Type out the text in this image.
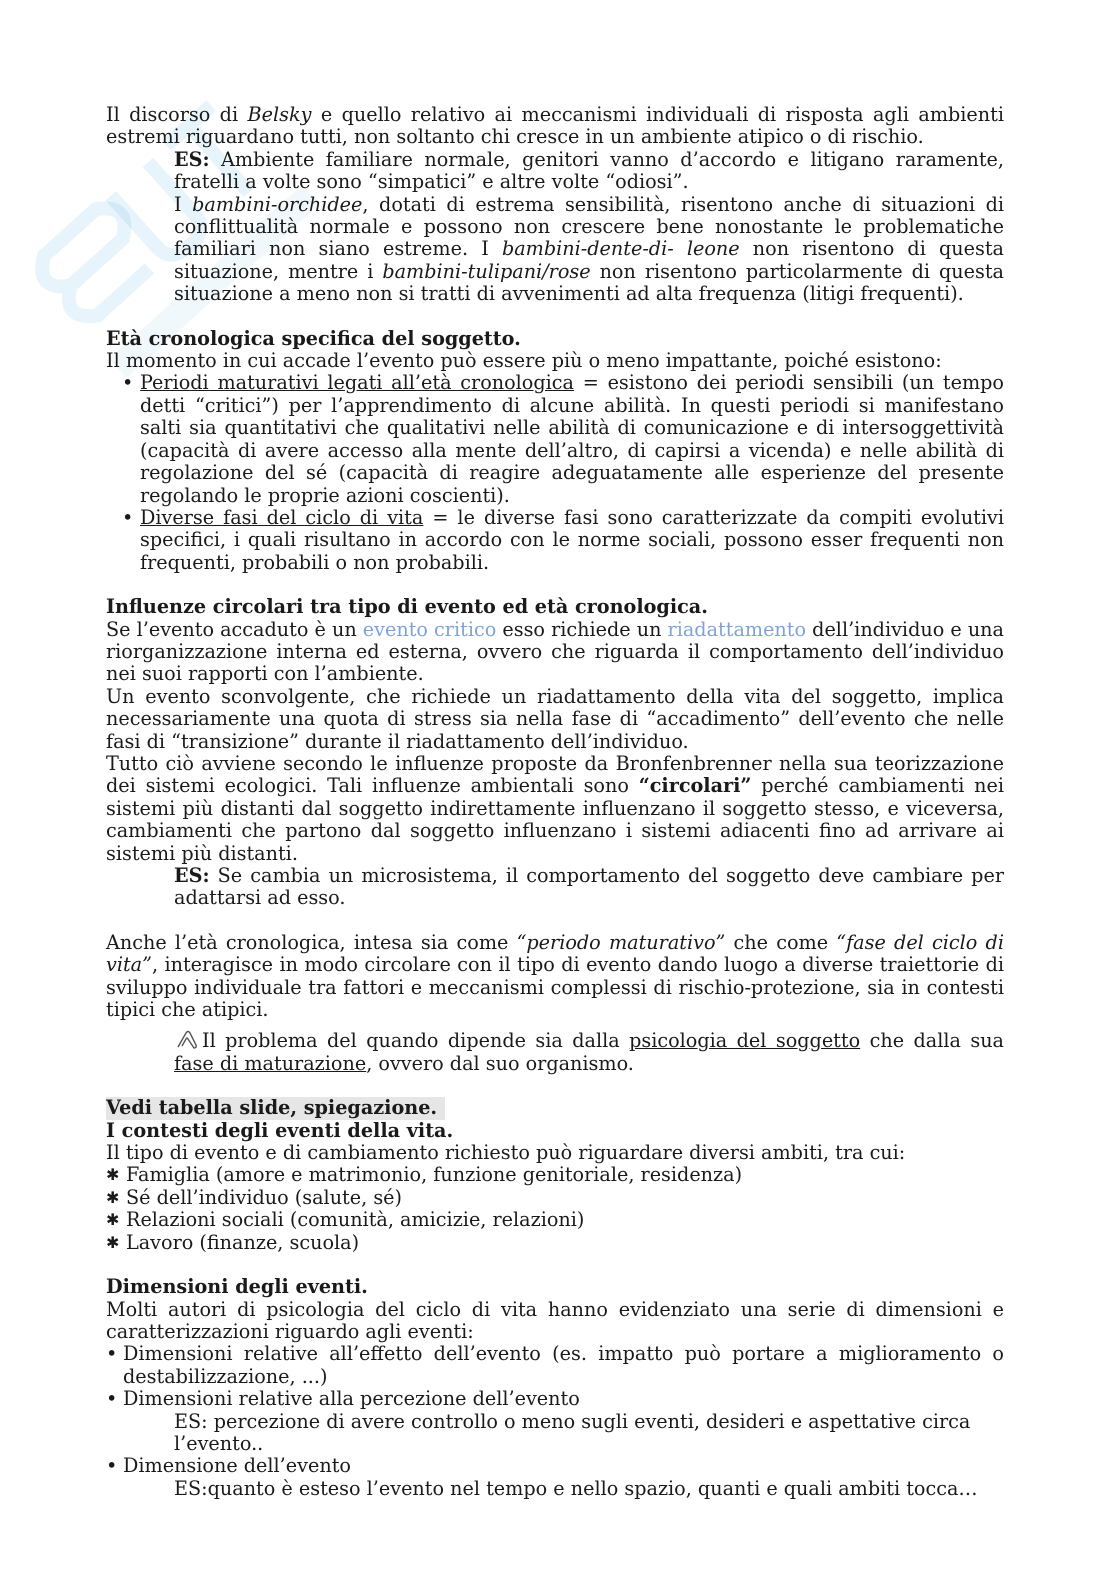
Il discorso di Belsky e quello relativo ai meccanismi individuali di risposta agli ambienti estremi riguardano tutti, non soltanto chi cresce in un ambiente atipico o di rischio.

ES: Ambiente familiare normale, genitori vanno d’accordo e litigano raramente, fratelli a volte sono “simpatici” e altre volte “odiosi”.

I bambini-orchidee, dotati di estrema sensibilità, risentono anche di situazioni di conflittualità normale e possono non crescere bene nonostante le problematiche familiari non siano estreme. I bambini-dente-di- leone non risentono di questa situazione, mentre i bambini-tulipani/rose non risentono particolarmente di questa situazione a meno non si tratti di avvenimenti ad alta frequenza (litigi frequenti).

Età cronologica specifica del soggetto.

Il momento in cui accade l’evento può essere più o meno impattante, poiché esistono:

• Periodi maturativi legati all’età cronologica = esistono dei periodi sensibili (un tempo detti “critici”) per l’apprendimento di alcune abilità. In questi periodi si manifestano salti sia quantitativi che qualitativi nelle abilità di comunicazione e di intersoggettività (capacità di avere accesso alla mente dell’altro, di capirsi a vicenda) e nelle abilità di regolazione del sé (capacità di reagire adeguatamente alle esperienze del presente regolando le proprie azioni coscienti).
• Diverse fasi del ciclo di vita = le diverse fasi sono caratterizzate da compiti evolutivi specifici, i quali risultano in accordo con le norme sociali, possono esser frequenti non frequenti, probabili o non probabili.
Influenze circolari tra tipo di evento ed età cronologica.

Se l’evento accaduto è un evento critico esso richiede un riadattamento dell’individuo e una riorganizzazione interna ed esterna, ovvero che riguarda il comportamento dell’individuo nei suoi rapporti con l’ambiente.

Un evento sconvolgente, che richiede un riadattamento della vita del soggetto, implica necessariamente una quota di stress sia nella fase di “accadimento” dell’evento che nelle fasi di “transizione” durante il riadattamento dell’individuo.

Tutto ciò avviene secondo le influenze proposte da Bronfenbrenner nella sua teorizzazione dei sistemi ecologici. Tali influenze ambientali sono “circolari” perché cambiamenti nei sistemi più distanti dal soggetto indirettamente influenzano il soggetto stesso, e viceversa, cambiamenti che partono dal soggetto influenzano i sistemi adiacenti fino ad arrivare ai sistemi più distanti.

ES: Se cambia un microsistema, il comportamento del soggetto deve cambiare per adattarsi ad esso.

Anche l’età cronologica, intesa sia come “periodo maturativo” che come “fase del ciclo di vita”, interagisce in modo circolare con il tipo di evento dando luogo a diverse traiettorie di sviluppo individuale tra fattori e meccanismi complessi di rischio-protezione, sia in contesti tipici che atipici.

Il problema del quando dipende sia dalla psicologia del soggetto che dalla sua fase di maturazione, ovvero dal suo organismo.

Vedi tabella slide, spiegazione.
I contesti degli eventi della vita.

Il tipo di evento e di cambiamento richiesto può riguardare diversi ambiti, tra cui:

✱ Famiglia (amore e matrimonio, funzione genitoriale, residenza)
✱ Sé dell’individuo (salute, sé)
✱ Relazioni sociali (comunità, amicizie, relazioni)
✱ Lavoro (finanze, scuola)
Dimensioni degli eventi.

Molti autori di psicologia del ciclo di vita hanno evidenziato una serie di dimensioni e caratterizzazioni riguardo agli eventi:

• Dimensioni relative all’effetto dell’evento (es. impatto può portare a miglioramento o destabilizzazione, ...)
• Dimensioni relative alla percezione dell’evento
ES: percezione di avere controllo o meno sugli eventi, desideri e aspettative circa l’evento..
• Dimensione dell’evento
ES:quanto è esteso l’evento nel tempo e nello spazio, quanti e quali ambiti tocca…
